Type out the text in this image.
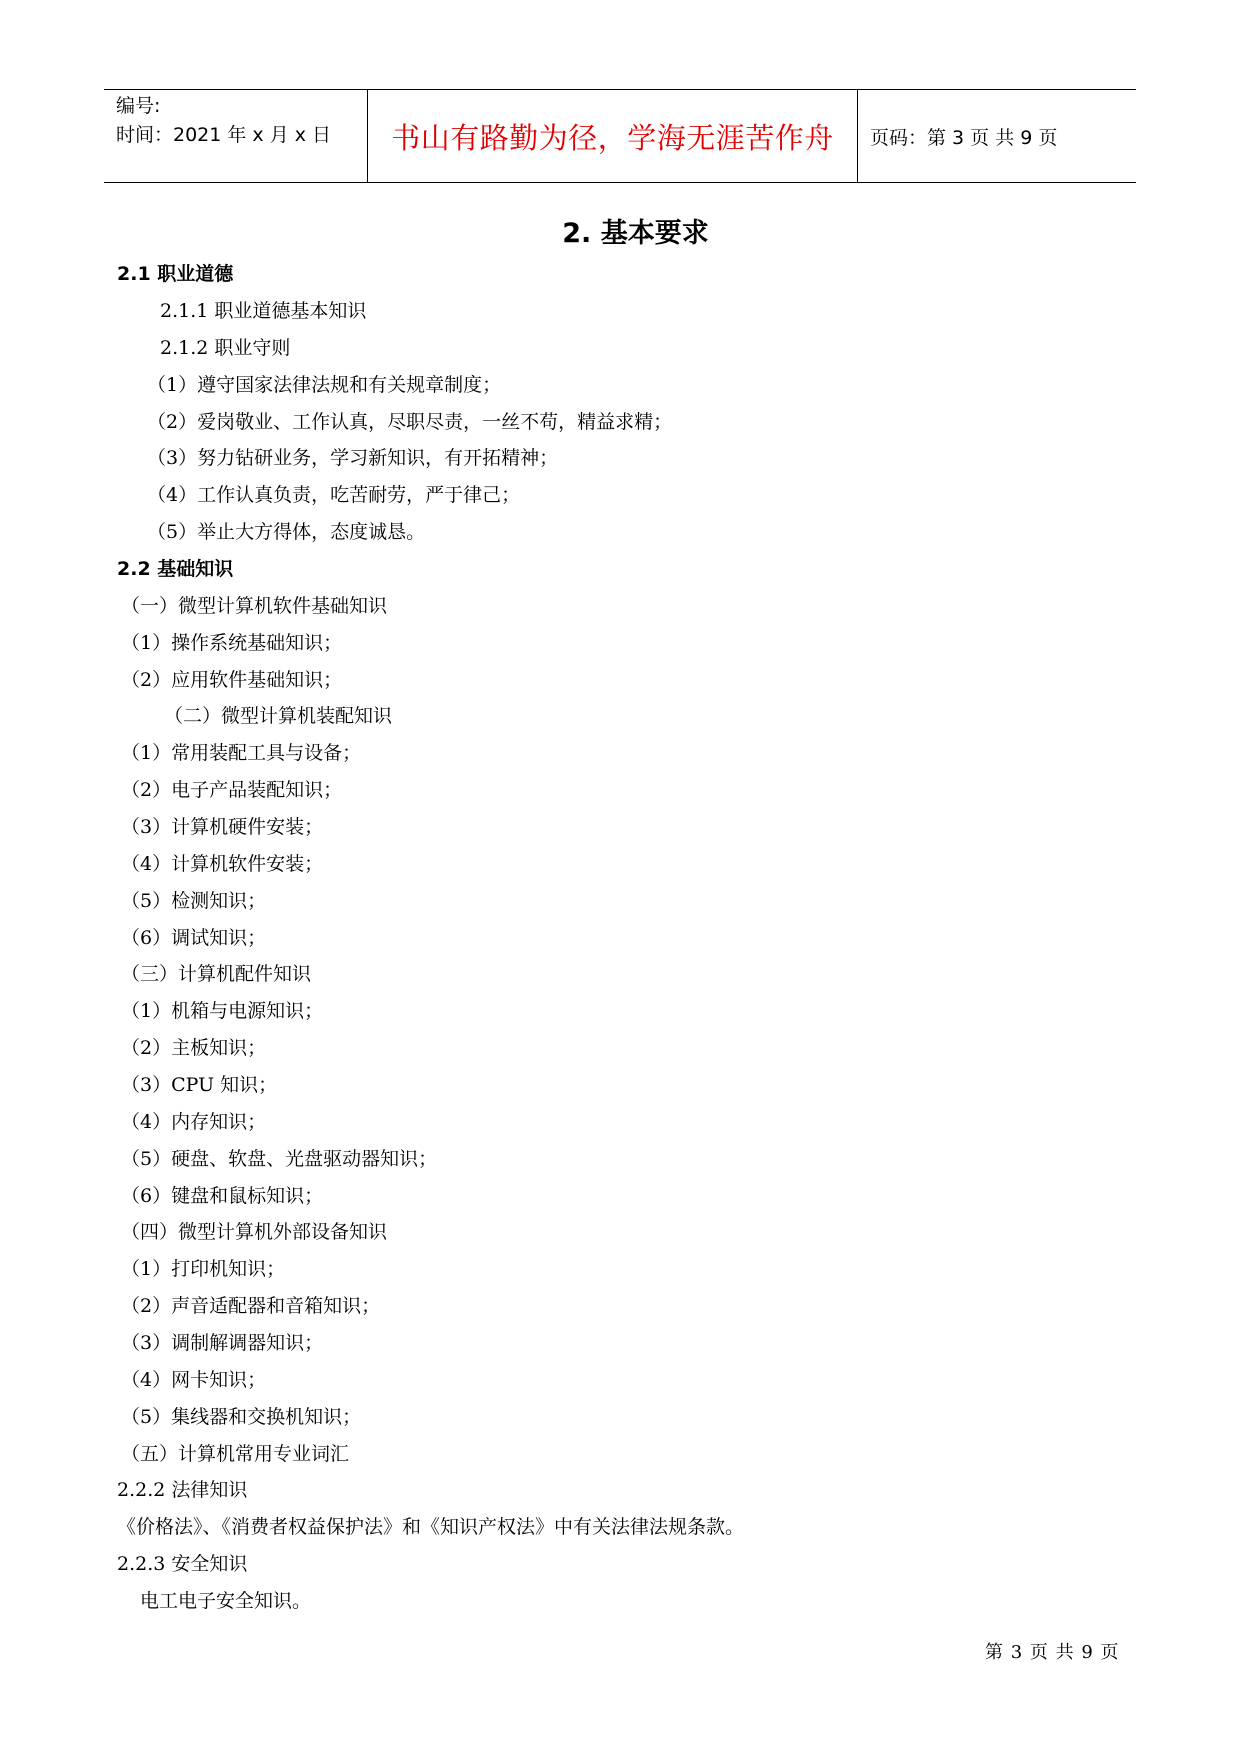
编号:
时间：2021 年 x 月 x 日	书山有路勤为径，学海无涯苦作舟	页码：第 3 页 共 9 页
2. 基本要求
2.1 职业道德
2.1.1 职业道德基本知识
2.1.2 职业守则
（1）遵守国家法律法规和有关规章制度；
（2）爱岗敬业、工作认真，尽职尽责，一丝不苟，精益求精；
（3）努力钻研业务，学习新知识，有开拓精神；
（4）工作认真负责，吃苦耐劳，严于律己；
（5）举止大方得体，态度诚恳。
2.2 基础知识
（一）微型计算机软件基础知识
（1）操作系统基础知识；
（2）应用软件基础知识；
（二）微型计算机装配知识
（1）常用装配工具与设备；
（2）电子产品装配知识；
（3）计算机硬件安装；
（4）计算机软件安装；
（5）检测知识；
（6）调试知识；
（三）计算机配件知识
（1）机箱与电源知识；
（2）主板知识；
（3）CPU 知识；
（4）内存知识；
（5）硬盘、软盘、光盘驱动器知识；
（6）键盘和鼠标知识；
（四）微型计算机外部设备知识
（1）打印机知识；
（2）声音适配器和音箱知识；
（3）调制解调器知识；
（4）网卡知识；
（5）集线器和交换机知识；
（五）计算机常用专业词汇
2.2.2 法律知识
《价格法》、《消费者权益保护法》和《知识产权法》中有关法律法规条款。
2.2.3 安全知识
电工电子安全知识。
第 3 页 共 9 页
